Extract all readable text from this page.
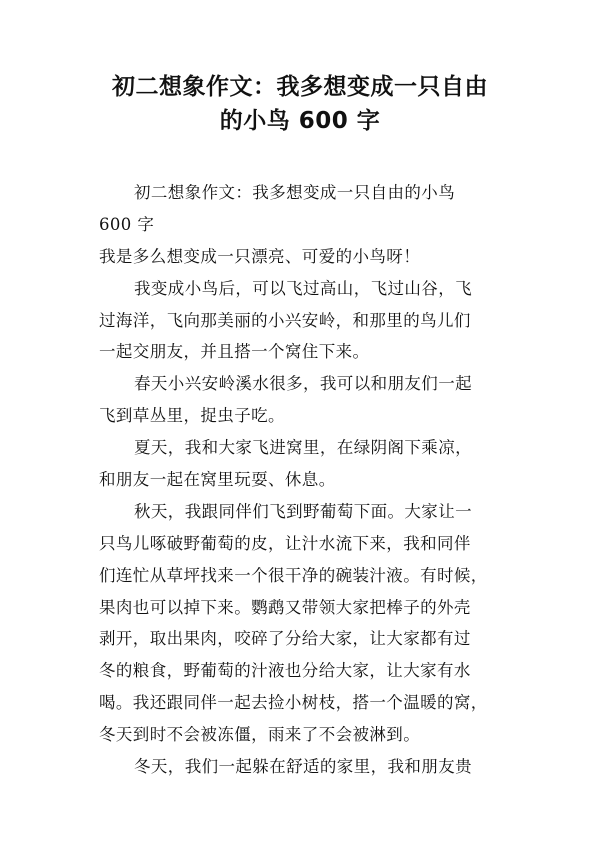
初二想象作文：我多想变成一只自由
的小鸟 600 字
初二想象作文：我多想变成一只自由的小鸟
600 字
我是多么想变成一只漂亮、可爱的小鸟呀！
我变成小鸟后，可以飞过高山，飞过山谷，飞
过海洋，飞向那美丽的小兴安岭，和那里的鸟儿们
一起交朋友，并且搭一个窝住下来。
春天小兴安岭溪水很多，我可以和朋友们一起
飞到草丛里，捉虫子吃。
夏天，我和大家飞进窝里，在绿阴阁下乘凉，
和朋友一起在窝里玩耍、休息。
秋天，我跟同伴们飞到野葡萄下面。大家让一
只鸟儿啄破野葡萄的皮，让汁水流下来，我和同伴
们连忙从草坪找来一个很干净的碗装汁液。有时候，
果肉也可以掉下来。鹦鹉又带领大家把棒子的外壳
剥开，取出果肉，咬碎了分给大家，让大家都有过
冬的粮食，野葡萄的汁液也分给大家，让大家有水
喝。我还跟同伴一起去捡小树枝，搭一个温暖的窝，
冬天到时不会被冻僵，雨来了不会被淋到。
冬天，我们一起躲在舒适的家里，我和朋友贵
